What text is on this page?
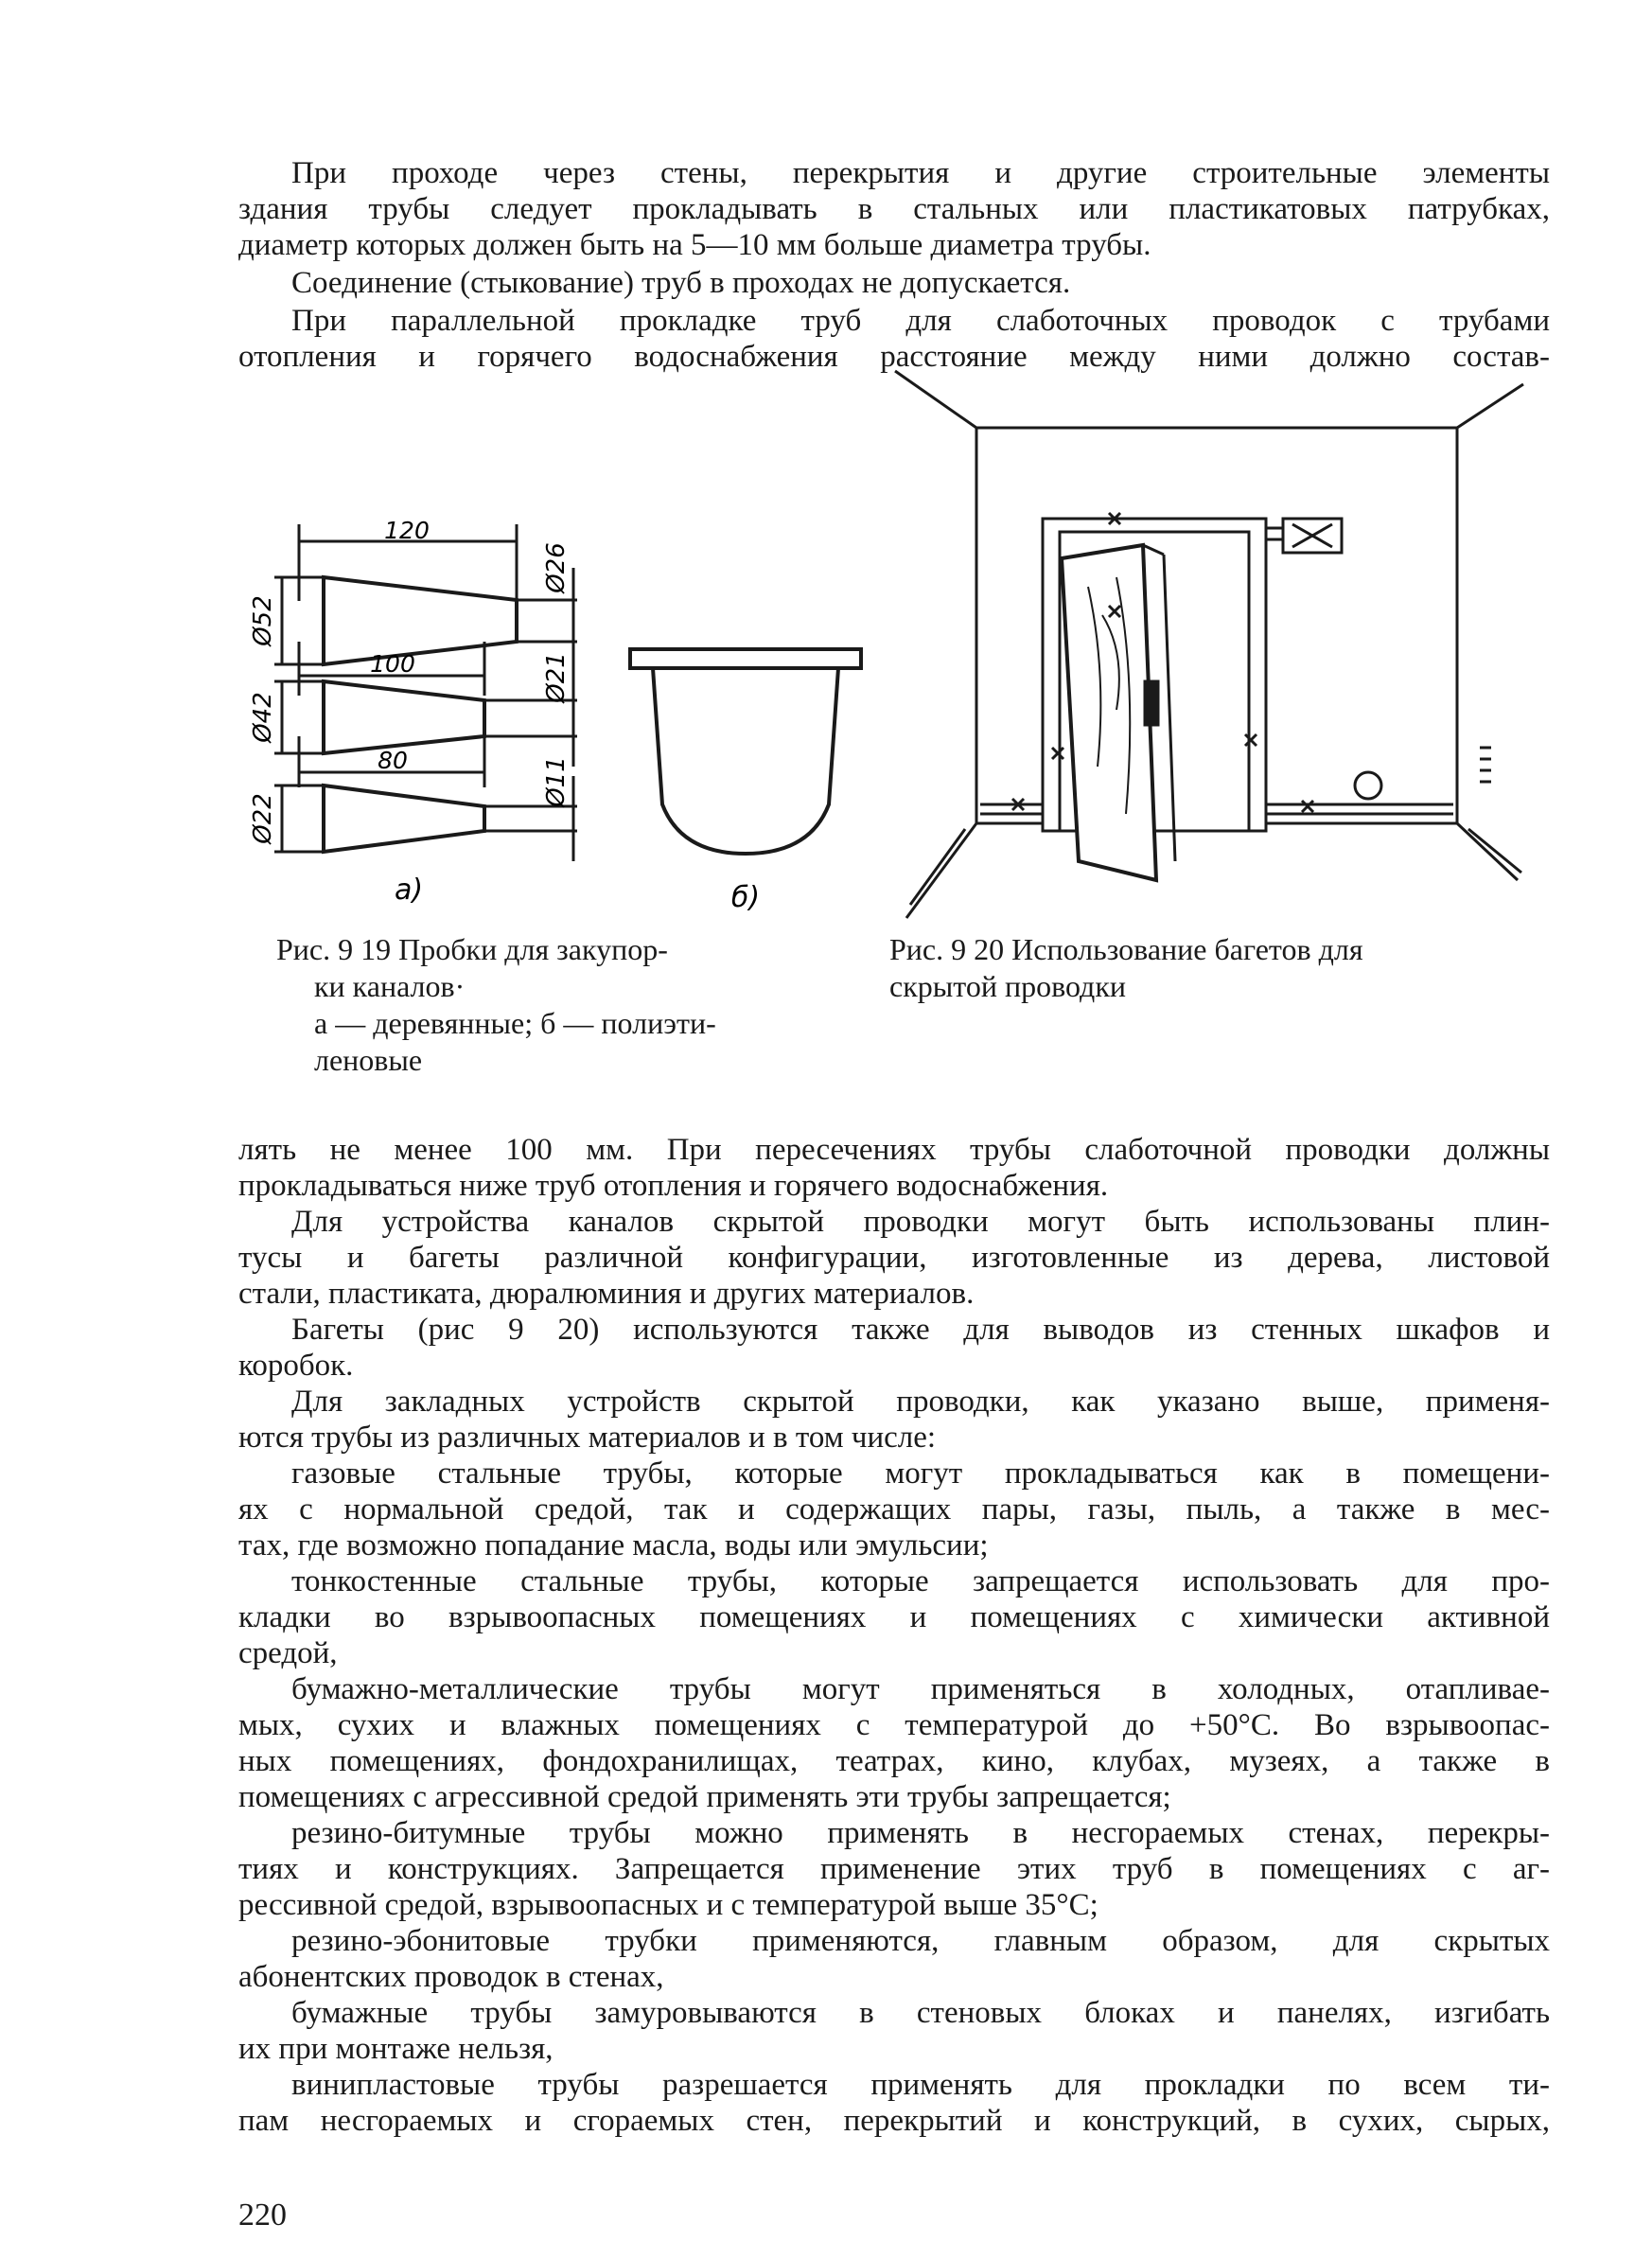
При проходе через стены, перекрытия и другие строительные элементы

здания трубы следует прокладывать в стальных или пластикатовых патрубках,

диаметр которых должен быть на 5—10 мм больше диаметра трубы.

Соединение (стыкование) труб в проходах не допускается.

При параллельной прокладке труб для слаботочных проводок с трубами

отопления и горячего водоснабжения расстояние между ними должно состав-

120
100
80
Ø52
Ø42
Ø22
Ø26
Ø21
Ø11
а)	б)

Рис. 9 19 Пробки для закупор-

ки каналов·

а — деревянные; б — полиэти-

леновые

Рис. 9 20 Использование багетов для

скрытой проводки

лять не менее 100 мм. При пересечениях трубы слаботочной проводки должны

прокладываться ниже труб отопления и горячего водоснабжения.

Для устройства каналов скрытой проводки могут быть использованы плин-

тусы и багеты различной конфигурации, изготовленные из дерева, листовой

стали, пластиката, дюралюминия и других материалов.

Багеты (рис 9 20) используются также для выводов из стенных шкафов и

коробок.

Для закладных устройств скрытой проводки, как указано выше, применя-

ются трубы из различных материалов и в том числе:

газовые стальные трубы, которые могут прокладываться как в помещени-

ях с нормальной средой, так и содержащих пары, газы, пыль, а также в мес-

тах, где возможно попадание масла, воды или эмульсии;

тонкостенные стальные трубы, которые запрещается использовать для про-

кладки во взрывоопасных помещениях и помещениях с химически активной

средой,

бумажно-металлические трубы могут применяться в холодных, отапливае-

мых, сухих и влажных помещениях с температурой до +50°С. Во взрывоопас-

ных помещениях, фондохранилищах, театрах, кино, клубах, музеях, а также в

помещениях с агрессивной средой применять эти трубы запрещается;

резино-битумные трубы можно применять в несгораемых стенах, перекры-

тиях и конструкциях. Запрещается применение этих труб в помещениях с аг-

рессивной средой, взрывоопасных и с температурой выше 35°С;

резино-эбонитовые трубки применяются, главным образом, для скрытых

абонентских проводок в стенах,

бумажные трубы замуровываются в стеновых блоках и панелях, изгибать

их при монтаже нельзя,

винипластовые трубы разрешается применять для прокладки по всем ти-

пам несгораемых и сгораемых стен, перекрытий и конструкций, в сухих, сырых,

220
